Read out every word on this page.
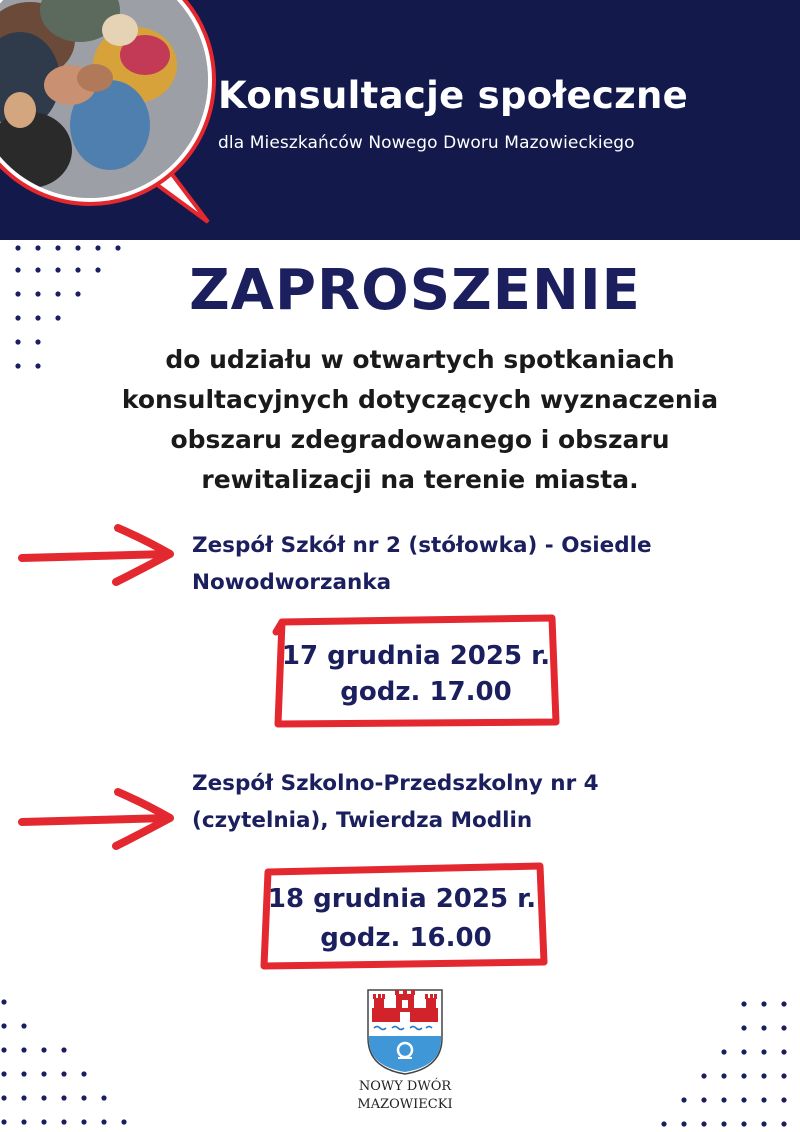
Konsultacje społeczne
dla Mieszkańców Nowego Dworu Mazowieckiego
ZAPROSZENIE
do udziału w otwartych spotkaniach
konsultacyjnych dotyczących wyznaczenia
obszaru zdegradowanego i obszaru
rewitalizacji na terenie miasta.
Zespół Szkół nr 2 (stółowka) - Osiedle
Nowodworzanka
17 grudnia 2025 r.
godz. 17.00
Zespół Szkolno-Przedszkolny nr 4
(czytelnia), Twierdza Modlin
18 grudnia 2025 r.
godz. 16.00
NOWY DWÓR
MAZOWIECKI
